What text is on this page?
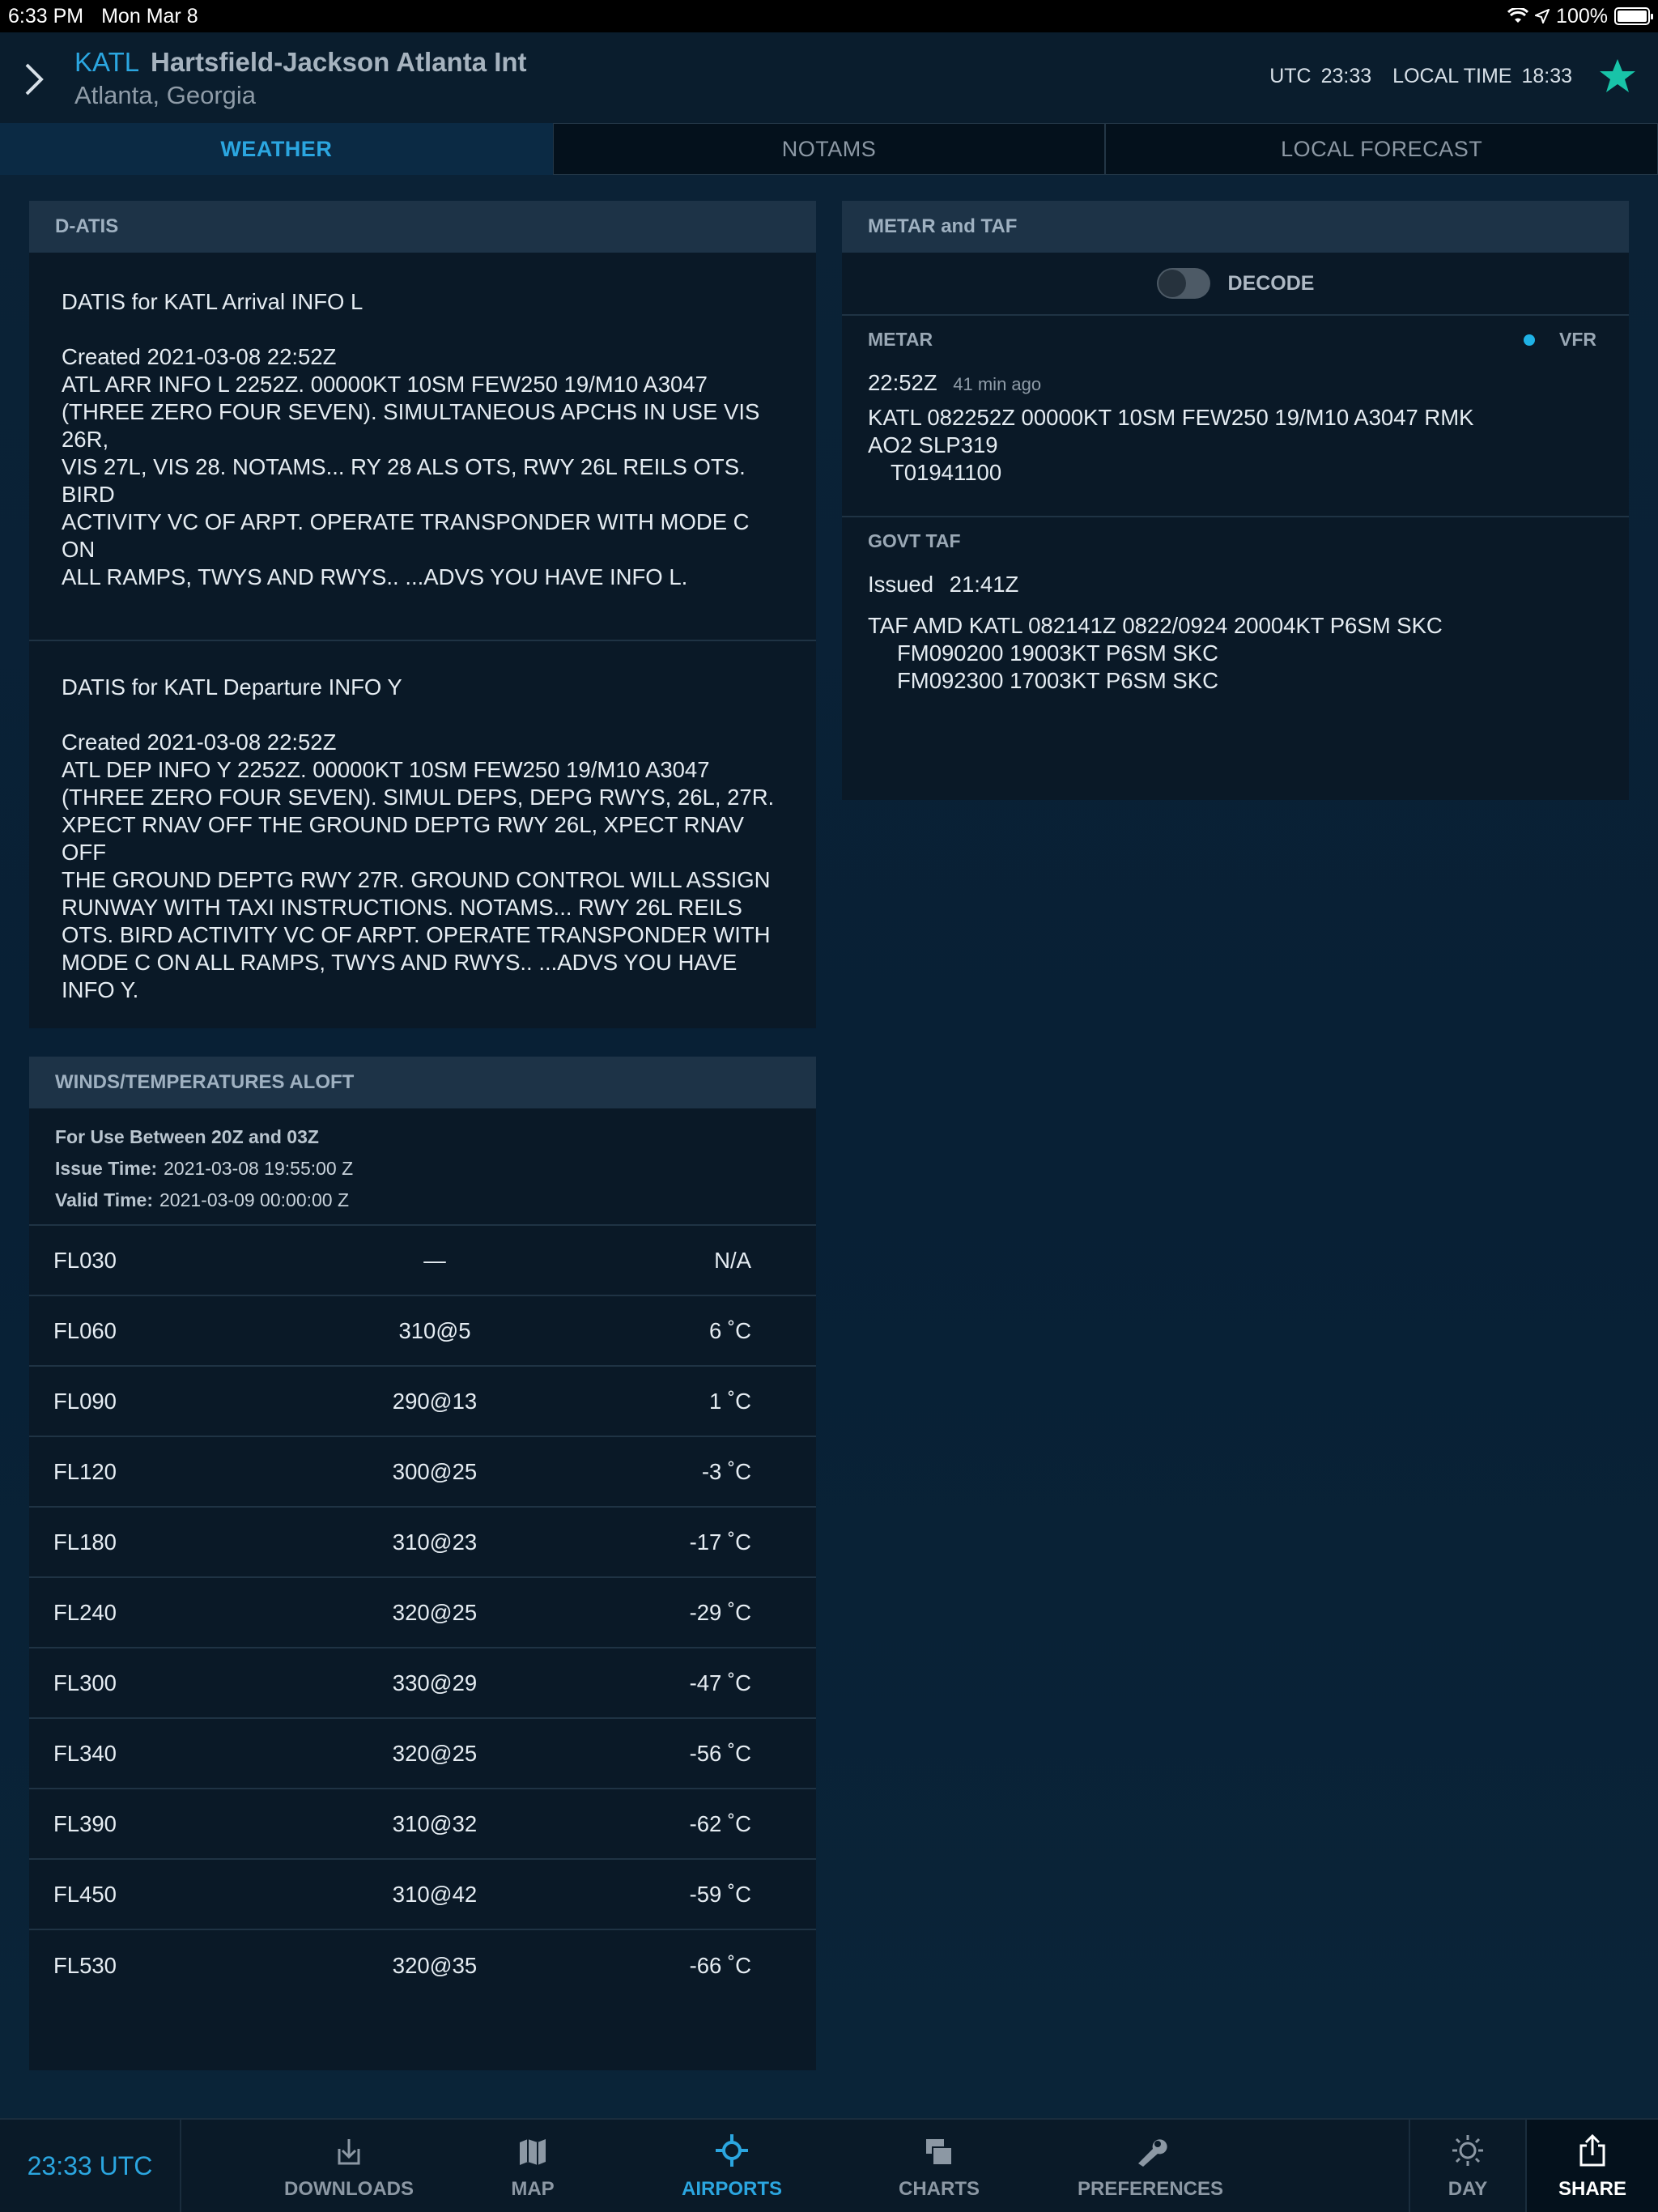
6:33 PM Mon Mar 8	100%
KATL Hartsfield-Jackson Atlanta Int
Atlanta, Georgia
UTC 23:33 LOCAL TIME 18:33
WEATHER	NOTAMS	LOCAL FORECAST
D-ATIS
DATIS for KATL Arrival INFO L
Created 2021-03-08 22:52Z
ATL ARR INFO L 2252Z. 00000KT 10SM FEW250 19/M10 A3047
(THREE ZERO FOUR SEVEN). SIMULTANEOUS APCHS IN USE VIS 26R,
VIS 27L, VIS 28. NOTAMS... RY 28 ALS OTS, RWY 26L REILS OTS. BIRD
ACTIVITY VC OF ARPT. OPERATE TRANSPONDER WITH MODE C ON
ALL RAMPS, TWYS AND RWYS.. ...ADVS YOU HAVE INFO L.
DATIS for KATL Departure INFO Y
Created 2021-03-08 22:52Z
ATL DEP INFO Y 2252Z. 00000KT 10SM FEW250 19/M10 A3047
(THREE ZERO FOUR SEVEN). SIMUL DEPS, DEPG RWYS, 26L, 27R.
XPECT RNAV OFF THE GROUND DEPTG RWY 26L, XPECT RNAV OFF
THE GROUND DEPTG RWY 27R. GROUND CONTROL WILL ASSIGN
RUNWAY WITH TAXI INSTRUCTIONS. NOTAMS... RWY 26L REILS
OTS. BIRD ACTIVITY VC OF ARPT. OPERATE TRANSPONDER WITH
MODE C ON ALL RAMPS, TWYS AND RWYS.. ...ADVS YOU HAVE
INFO Y.
METAR and TAF
DECODE
METAR	VFR
22:52Z 41 min ago
KATL 082252Z 00000KT 10SM FEW250 19/M10 A3047 RMK
AO2 SLP319
T01941100
GOVT TAF
Issued 21:41Z
TAF AMD KATL 082141Z 0822/0924 20004KT P6SM SKC
FM090200 19003KT P6SM SKC
FM092300 17003KT P6SM SKC
WINDS/TEMPERATURES ALOFT
For Use Between 20Z and 03Z
Issue Time: 2021-03-08 19:55:00 Z
Valid Time: 2021-03-09 00:00:00 Z
FL030	—	N/A
FL060	310@5	6 ˚C
FL090	290@13	1 ˚C
FL120	300@25	-3 ˚C
FL180	310@23	-17 ˚C
FL240	320@25	-29 ˚C
FL300	330@29	-47 ˚C
FL340	320@25	-56 ˚C
FL390	310@32	-62 ˚C
FL450	310@42	-59 ˚C
FL530	320@35	-66 ˚C
23:33 UTC
DOWNLOADS	MAP	AIRPORTS	CHARTS	PREFERENCES	DAY	SHARE
